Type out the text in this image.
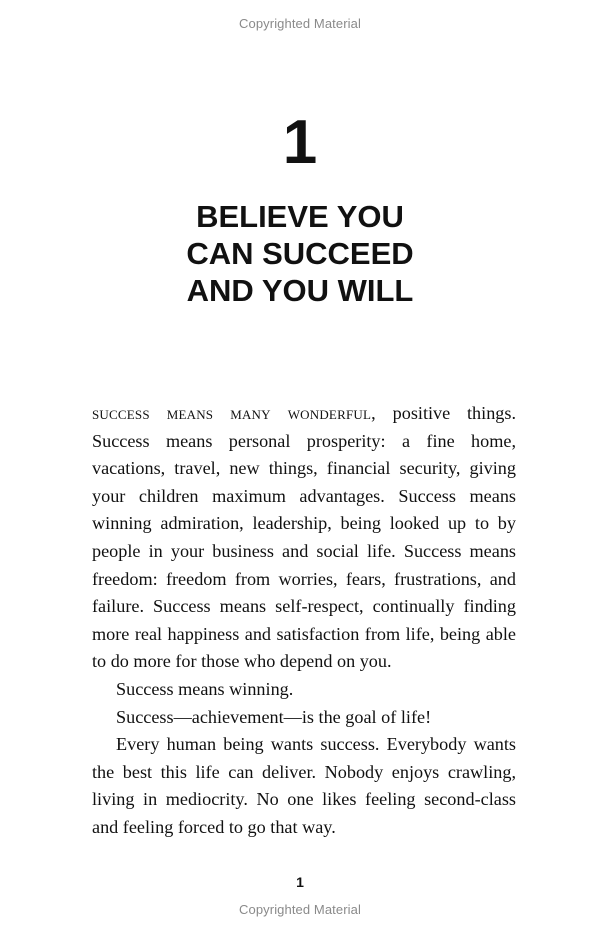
Copyrighted Material
1
BELIEVE YOU
CAN SUCCEED
AND YOU WILL

success means many wonderful, positive things. Success means personal prosperity: a fine home, vacations, travel, new things, financial security, giving your children maximum advantages. Success means winning admiration, leadership, being looked up to by people in your business and social life. Success means freedom: freedom from worries, fears, frustrations, and failure. Success means self-respect, continually finding more real happiness and satisfaction from life, being able to do more for those who depend on you.

Success means winning.

Success—achievement—is the goal of life!

Every human being wants success. Everybody wants the best this life can deliver. Nobody enjoys crawling, living in mediocrity. No one likes feeling second-class and feeling forced to go that way.

1
Copyrighted Material
